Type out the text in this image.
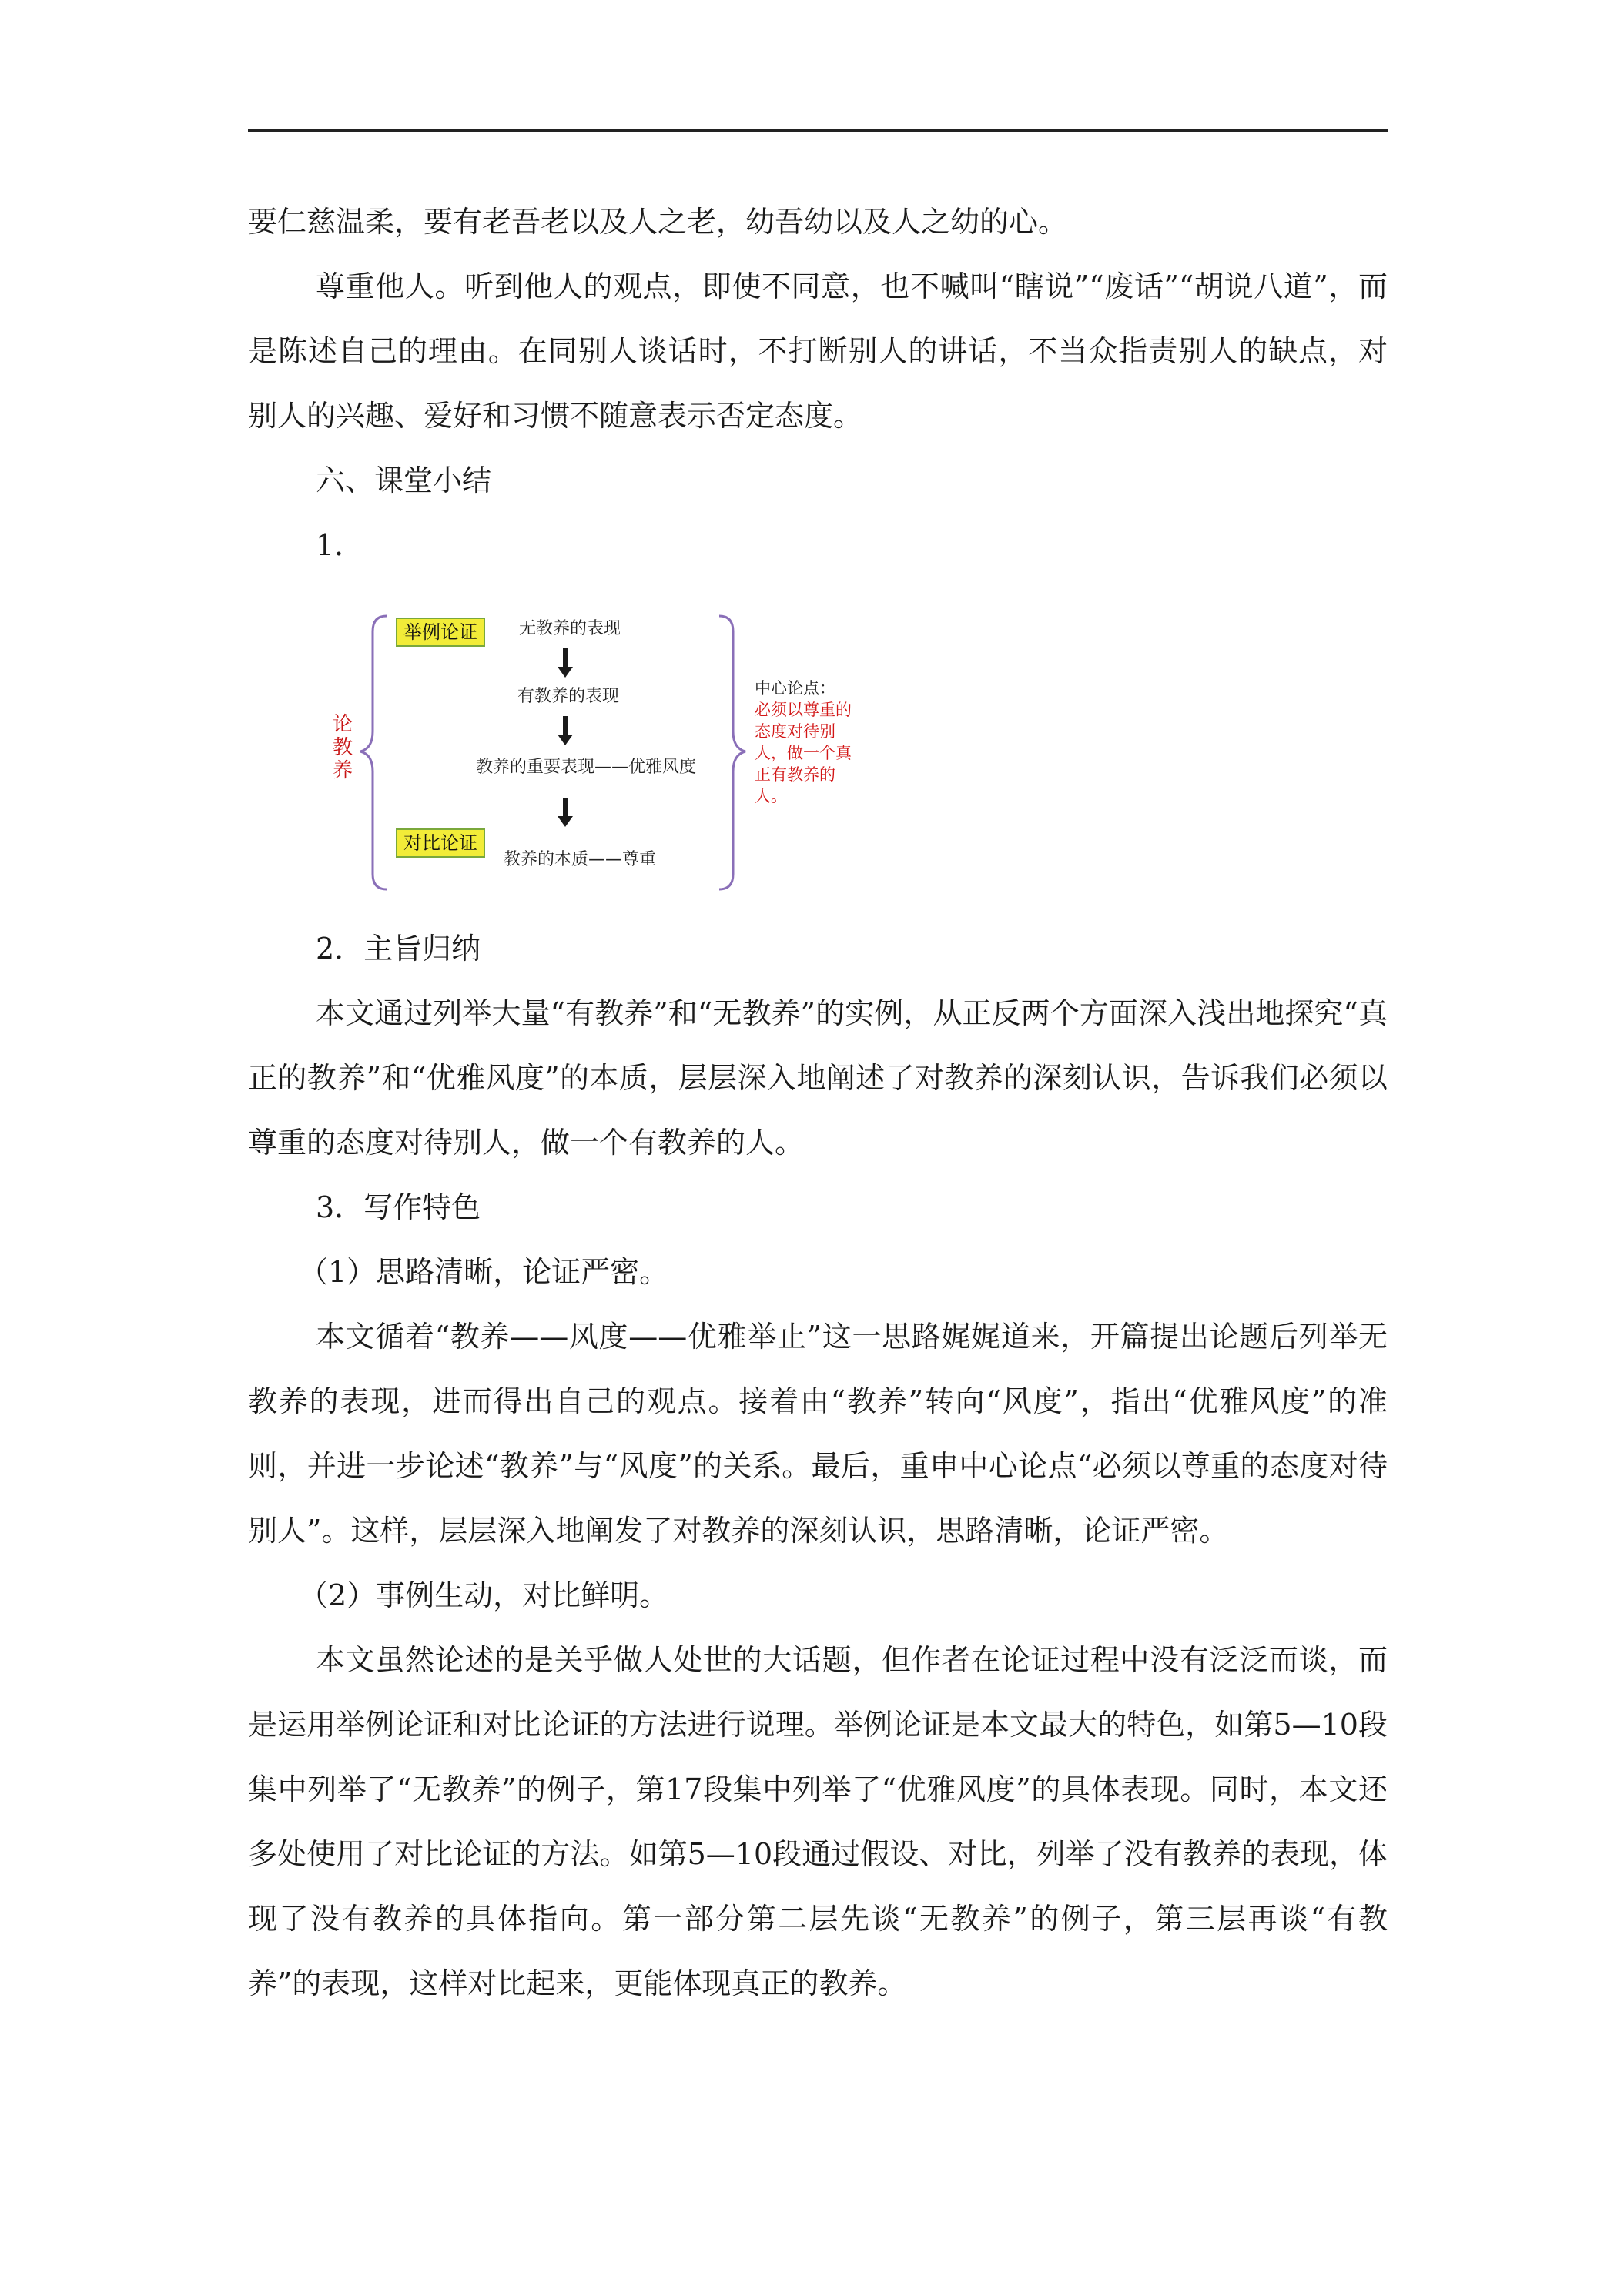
要仁慈温柔，要有老吾老以及人之老，幼吾幼以及人之幼的心。

尊重他人。听到他人的观点，即使不同意，也不喊叫“瞎说”“废话”“胡说八道”，而是陈述自己的理由。在同别人谈话时，不打断别人的讲话，不当众指责别人的缺点，对别人的兴趣、爱好和习惯不随意表示否定态度。

六、课堂小结

1．

论教养
举例论证
对比论证
无教养的表现
有教养的表现
教养的重要表现——优雅风度
教养的本质——尊重
中心论点：
必须以尊重的态度对待别人，做一个真正有教养的人。

2．主旨归纳

本文通过列举大量“有教养”和“无教养”的实例，从正反两个方面深入浅出地探究“真正的教养”和“优雅风度”的本质，层层深入地阐述了对教养的深刻认识，告诉我们必须以尊重的态度对待别人，做一个有教养的人。

3．写作特色

（1）思路清晰，论证严密。

本文循着“教养——风度——优雅举止”这一思路娓娓道来，开篇提出论题后列举无教养的表现，进而得出自己的观点。接着由“教养”转向“风度”，指出“优雅风度”的准则，并进一步论述“教养”与“风度”的关系。最后，重申中心论点“必须以尊重的态度对待别人”。这样，层层深入地阐发了对教养的深刻认识，思路清晰，论证严密。

（2）事例生动，对比鲜明。

本文虽然论述的是关乎做人处世的大话题，但作者在论证过程中没有泛泛而谈，而是运用举例论证和对比论证的方法进行说理。举例论证是本文最大的特色，如第5—10段集中列举了“无教养”的例子，第17段集中列举了“优雅风度”的具体表现。同时，本文还多处使用了对比论证的方法。如第5—10段通过假设、对比，列举了没有教养的表现，体现了没有教养的具体指向。第一部分第二层先谈“无教养”的例子，第三层再谈“有教养”的表现，这样对比起来，更能体现真正的教养。
